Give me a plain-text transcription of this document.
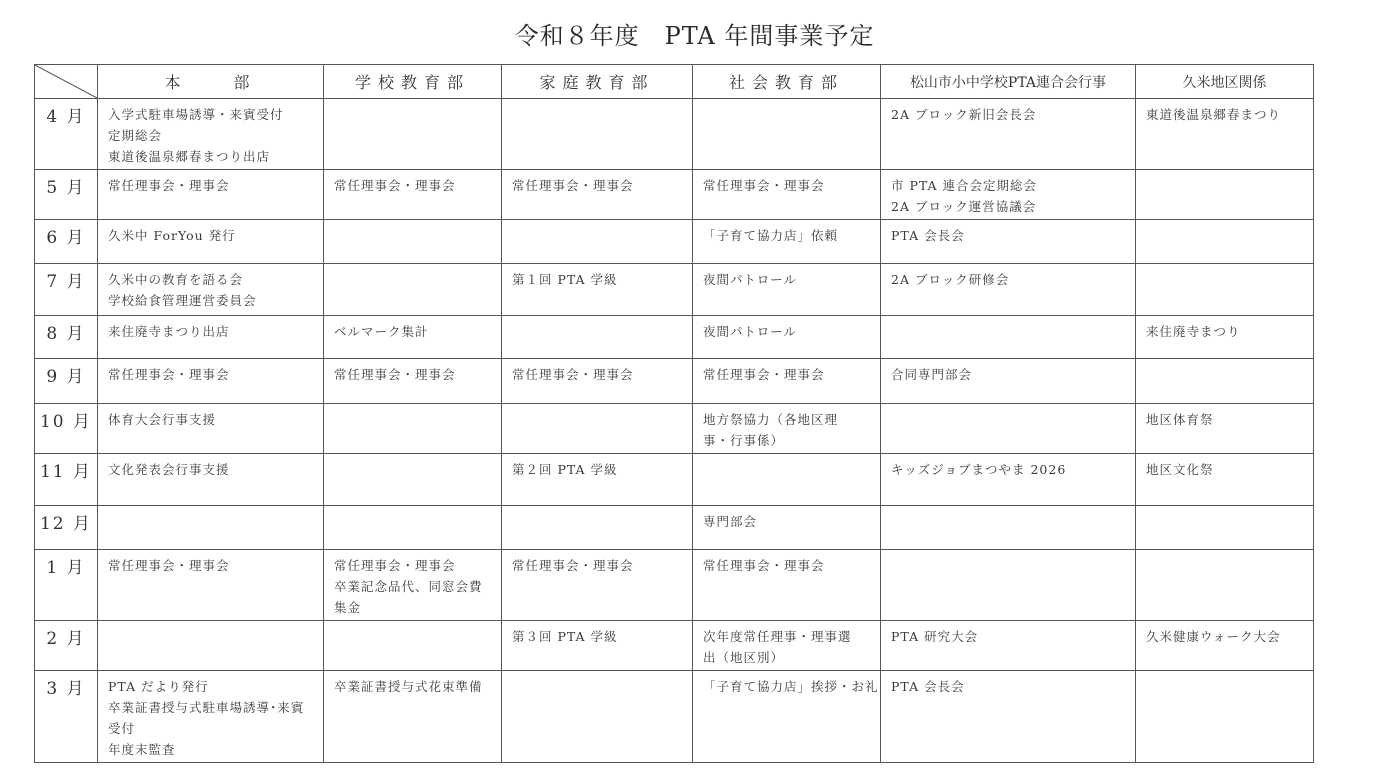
令和８年度　PTA 年間事業予定
	本　　部	学校教育部	家庭教育部	社会教育部	松山市小中学校PTA連合会行事	久米地区関係
4 月	入学式駐車場誘導・来賓受付
定期総会
東道後温泉郷春まつり出店				2A ブロック新旧会長会	東道後温泉郷春まつり

5 月	常任理事会・理事会	常任理事会・理事会	常任理事会・理事会	常任理事会・理事会	市 PTA 連合会定期総会
2A ブロック運営協議会	

6 月	久米中 ForYou 発行			「子育て協力店」依頼	PTA 会長会	

7 月	久米中の教育を語る会
学校給食管理運営委員会		第１回 PTA 学級	夜間パトロール	2A ブロック研修会	

8 月	来住廃寺まつり出店	ベルマーク集計		夜間パトロール		来住廃寺まつり

9 月	常任理事会・理事会	常任理事会・理事会	常任理事会・理事会	常任理事会・理事会	合同専門部会	

10 月	体育大会行事支援			地方祭協力（各地区理
事・行事係）		地区体育祭

11 月	文化発表会行事支援		第２回 PTA 学級		キッズジョブまつやま 2026	地区文化祭

12 月				専門部会		

1 月	常任理事会・理事会	常任理事会・理事会
卒業記念品代、同窓会費
集金	常任理事会・理事会	常任理事会・理事会		

2 月			第３回 PTA 学級	次年度常任理事・理事選
出（地区別）	PTA 研究大会	久米健康ウォーク大会

3 月	PTA だより発行
卒業証書授与式駐車場誘導･来賓
受付
年度末監査	卒業証書授与式花束準備		「子育て協力店」挨拶・お礼	PTA 会長会	
